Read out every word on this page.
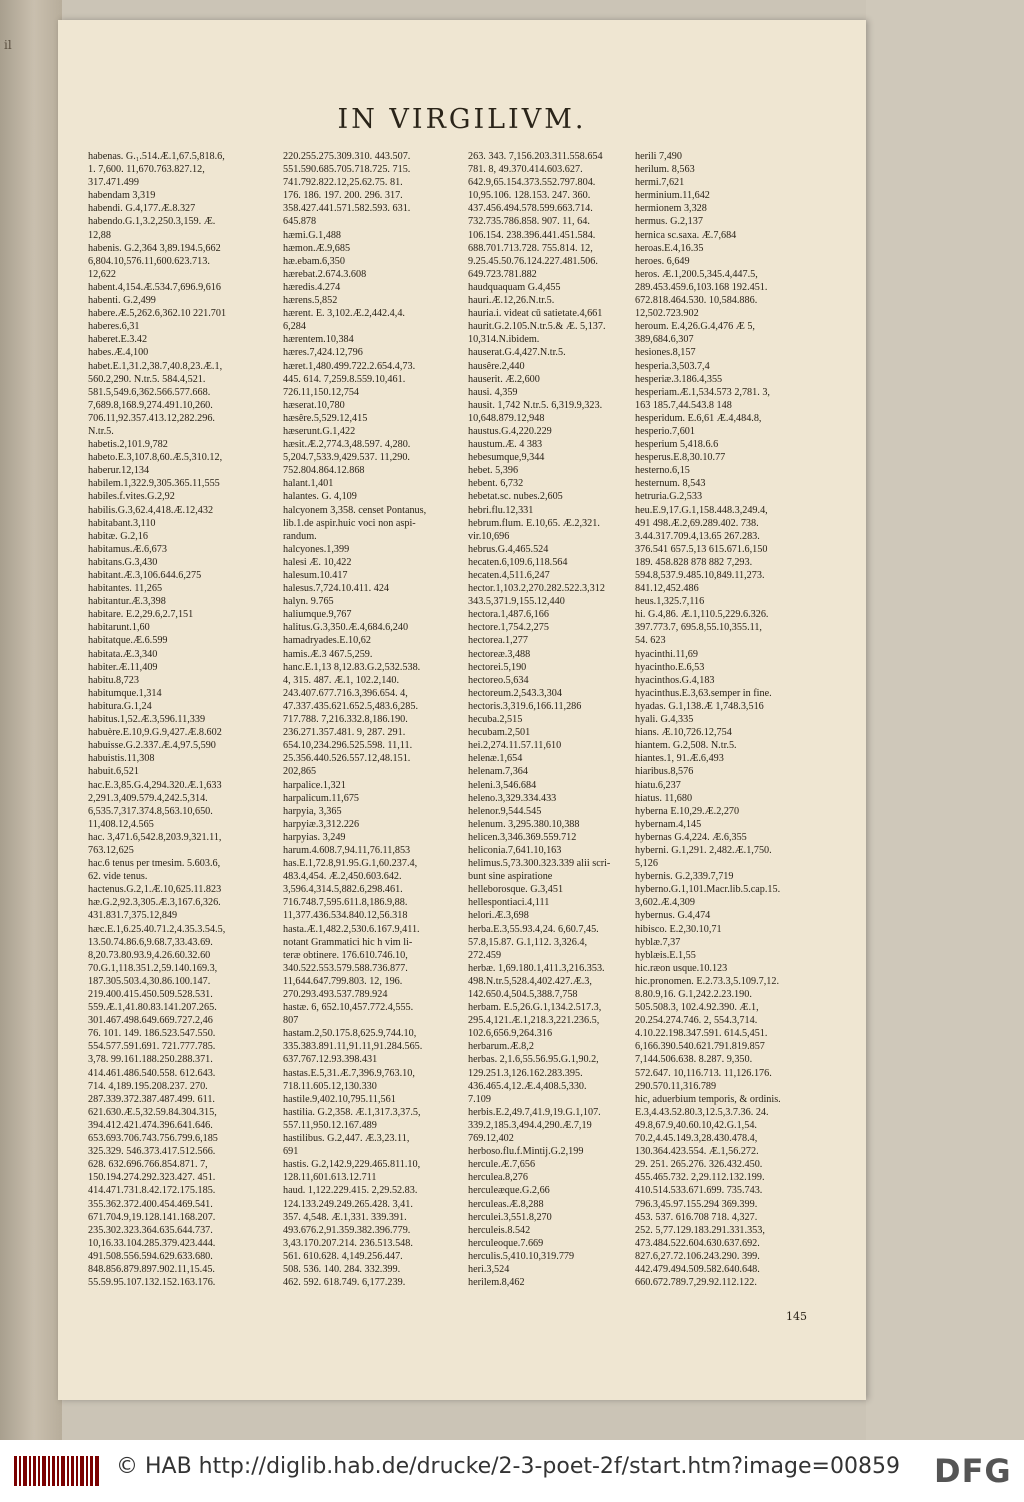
il
IN VIRGILIVM.
habenas. G.₁.514.Æ.1,67.5,818.6,
1. 7,600. 11,670.763.827.12,
317.471.499
habendam 3,319
habendi. G.4,177.Æ.8.327
habendo.G.1,3.2,250.3,159. Æ.
12,88
habenis. G.2,364 3,89.194.5,662
6,804.10,576.11,600.623.713.
12,622
habent.4,154.Æ.534.7,696.9,616
habenti. G.2,499
habere.Æ.5,262.6,362.10 221.701
haberes.6,31
haberet.E.3.42
habes.Æ.4,100
habet.E.1,31.2,38.7,40.8,23.Æ.1,
560.2,290. N.tr.5. 584.4,521.
581.5,549.6,362.566.577.668.
7,689.8,168.9,274.491.10,260.
706.11,92.357.413.12,282.296.
N.tr.5.
habetis.2,101.9,782
habeto.E.3,107.8,60.Æ.5,310.12,
haberur.12,134
habilem.1,322.9,305.365.11,555
habiles.f.vites.G.2,92
habilis.G.3,62.4,418.Æ.12,432
habitabant.3,110
habitæ. G.2,16
habitamus.Æ.6,673
habitans.G.3,430
habitant.Æ.3,106.644.6,275
habitantes. 11,265
habitantur.Æ.3,398
habitare. E.2,29.6,2.7,151
habitarunt.1,60
habitatque.Æ.6.599
habitata.Æ.3,340
habiter.Æ.11,409
habitu.8,723
habitumque.1,314
habitura.G.1,24
habitus.1,52.Æ.3,596.11,339
habuère.E.10,9.G.9,427.Æ.8.602
habuisse.G.2.337.Æ.4,97.5,590
habuistis.11,308
habuit.6,521
hac.E.3,85.G.4,294.320.Æ.1,633
2,291.3,409.579.4,242.5,314.
6,535.7,317.374.8,563.10,650.
11,408.12,4.565
hac. 3,471.6,542.8,203.9,321.11,
763.12,625
hac.6 tenus per tmesim. 5.603.6,
62. vide tenus.
hactenus.G.2,1.Æ.10,625.11.823
hæ.G.2,92.3,305.Æ.3,167.6,326.
431.831.7,375.12,849
hæc.E.1,6.25.40.71.2,4.35.3.54.5,
13.50.74.86.6,9.68.7,33.43.69.
8,20.73.80.93.9,4.26.60.32.60
70.G.1,118.351.2,59.140.169.3,
187.305.503.4,30.86.100.147.
219.400.415.450.509.528.531.
559.Æ.1,41.80.83.141.207.265.
301.467.498.649.669.727.2,46
76. 101. 149. 186.523.547.550.
554.577.591.691. 721.777.785.
3,78. 99.161.188.250.288.371.
414.461.486.540.558. 612.643.
714. 4,189.195.208.237. 270.
287.339.372.387.487.499. 611.
621.630.Æ.5,32.59.84.304.315,
394.412.421.474.396.641.646.
653.693.706.743.756.799.6,185
325.329. 546.373.417.512.566.
628. 632.696.766.854.871. 7,
150.194.274.292.323.427. 451.
414.471.731.8.42.172.175.185.
355.362.372.400.454.469.541.
671.704.9,19.128.141.168.207.
235.302.323.364.635.644.737.
10,16.33.104.285.379.423.444.
491.508.556.594.629.633.680.
848.856.879.897.902.11,15.45.
55.59.95.107.132.152.163.176.
220.255.275.309.310. 443.507.
551.590.685.705.718.725. 715.
741.792.822.12,25.62.75. 81.
176. 186. 197. 200. 296. 317.
358.427.441.571.582.593. 631.
645.878
hæmi.G.1,488
hæmon.Æ.9,685
hæ.ebam.6,350
hærebat.2.674.3.608
hæredis.4.274
hærens.5,852
hærent. E. 3,102.Æ.2,442.4,4.
6,284
hærentem.10,384
hæres.7,424.12,796
hæret.1,480.499.722.2.654.4,73.
445. 614. 7,259.8.559.10,461.
726.11,150.12,754
hæserat.10,780
hæsêre.5,529.12,415
hæserunt.G.1,422
hæsit.Æ.2,774.3,48.597. 4,280.
5,204.7,533.9,429.537. 11,290.
752.804.864.12.868
halant.1,401
halantes. G. 4,109
halcyonem 3,358. censet Pontanus,
lib.1.de aspir.huic voci non aspi-
randum.
halcyones.1,399
halesi Æ. 10,422
halesum.10.417
halesus.7,724.10.411. 424
halyn. 9.765
haliumque.9,767
halitus.G.3,350.Æ.4,684.6,240
hamadryades.E.10,62
hamis.Æ.3 467.5,259.
hanc.E.1,13 8,12.83.G.2,532.538.
4, 315. 487. Æ.1, 102.2,140.
243.407.677.716.3,396.654. 4,
47.337.435.621.652.5,483.6,285.
717.788. 7,216.332.8,186.190.
236.271.357.481. 9, 287. 291.
654.10,234.296.525.598. 11,11.
25.356.440.526.557.12,48.151.
202,865
harpalice.1,321
harpalicum.11,675
harpyia, 3,365
harpyiæ.3,312.226
harpyias. 3,249
harum.4.608.7,94.11,76.11,853
has.E.1,72.8,91.95.G.1,60.237.4,
483.4,454. Æ.2,450.603.642.
3,596.4,314.5,882.6,298.461.
716.748.7,595.611.8,186.9,88.
11,377.436.534.840.12,56.318
hasta.Æ.1,482.2,530.6.167.9,411.
notant Grammatici hic h vim li-
teræ obtinere. 176.610.746.10,
340.522.553.579.588.736.877.
11,644.647.799.803. 12, 196.
270.293.493.537.789.924
hastæ. 6, 652.10,457.772.4,555.
807
hastam.2,50.175.8,625.9,744.10,
335.383.891.11,91.11,91.284.565.
637.767.12.93.398.431
hastas.E.5,31.Æ.7,396.9,763.10,
718.11.605.12,130.330
hastile.9,402.10,795.11,561
hastilia. G.2,358. Æ.1,317.3,37.5,
557.11,950.12.167.489
hastilibus. G.2,447. Æ.3,23.11,
691
hastis. G.2,142.9,229.465.811.10,
128.11,601.613.12.711
haud. 1,122.229.415. 2,29.52.83.
124.133.249.249.265.428. 3,41.
357. 4,548. Æ.1,331. 339.391.
493.676.2,91.359.382.396.779.
3,43.170.207.214. 236.513.548.
561. 610.628. 4,149.256.447.
508. 536. 140. 284. 332.399.
462. 592. 618.749. 6,177.239.
263. 343. 7,156.203.311.558.654
781. 8, 49.370.414.603.627.
642.9,65.154.373.552.797.804.
10,95.106. 128.153. 247. 360.
437.456.494.578.599.663.714.
732.735.786.858. 907. 11, 64.
106.154. 238.396.441.451.584.
688.701.713.728. 755.814. 12,
9.25.45.50.76.124.227.481.506.
649.723.781.882
haudquaquam G.4,455
hauri.Æ.12,26.N.tr.5.
hauria.i. videat cū satietate.4,661
haurit.G.2.105.N.tr.5.& Æ. 5,137.
10,314.N.ibidem.
hauserat.G.4,427.N.tr.5.
hausêre.2,440
hauserit. Æ.2,600
hausi. 4,359
hausit. 1,742 N.tr.5. 6,319.9,323.
10,648.879.12,948
haustus.G.4,220.229
haustum.Æ. 4 383
hebesumque,9,344
hebet. 5,396
hebent. 6,732
hebetat.sc. nubes.2,605
hebri.flu.12,331
hebrum.flum. E.10,65. Æ.2,321.
vir.10,696
hebrus.G.4,465.524
hecaten.6,109.6,118.564
hecaten.4,511.6,247
hector.1,103.2,270.282.522.3,312
343.5,371.9,155.12,440
hectora.1,487.6,166
hectore.1,754.2,275
hectorea.1,277
hectoreæ.3,488
hectorei.5,190
hectoreo.5,634
hectoreum.2,543.3,304
hectoris.3,319.6,166.11,286
hecuba.2,515
hecubam.2,501
hei.2,274.11.57.11,610
helenæ.1,654
helenam.7,364
heleni.3,546.684
heleno.3,329.334.433
helenor.9,544.545
helenum. 3,295.380.10,388
helicen.3,346.369.559.712
heliconia.7,641.10,163
helimus.5,73.300.323.339 alii scri-
bunt sine aspiratione
helleborosque. G.3,451
hellespontiaci.4,111
helori.Æ.3,698
herba.E.3,55.93.4,24. 6,60.7,45.
57.8,15.87. G.1,112. 3,326.4,
272.459
herbæ. 1,69.180.1,411.3,216.353.
498.N.tr.5,528.4,402.427.Æ.3,
142.650.4,504.5,388.7,758
herbam. E.5,26.G.1,134.2.517.3,
295.4,121.Æ.1,218.3,221.236.5,
102.6,656.9,264.316
herbarum.Æ.8,2
herbas. 2,1.6,55.56.95.G.1,90.2,
129.251.3,126.162.283.395.
436.465.4,12.Æ.4,408.5,330.
7.109
herbis.E.2,49.7,41.9,19.G.1,107.
339.2,185.3,494.4,290.Æ.7,19
769.12,402
herboso.flu.f.Mintij.G.2,199
hercule.Æ.7,656
herculea.8,276
herculeæque.G.2,66
herculeas.Æ.8,288
herculei.3,551.8,270
herculeis.8.542
herculeoque.7.669
herculis.5,410.10,319.779
heri.3,524
herilem.8,462
herili 7,490
herilum. 8,563
hermi.7,621
herminium.11,642
hermionem 3,328
hermus. G.2,137
hernica sc.saxa. Æ.7,684
heroas.E.4,16.35
heroes. 6,649
heros. Æ.1,200.5,345.4,447.5,
289.453.459.6,103.168 192.451.
672.818.464.530. 10,584.886.
12,502.723.902
heroum. E.4,26.G.4,476 Æ 5,
389,684.6,307
hesiones.8,157
hesperia.3,503.7,4
hesperiæ.3.186.4,355
hesperiam.Æ.1,534.573 2,781. 3,
163 185.7,44.543.8 148
hesperidum. E.6,61 Æ.4,484.8,
hesperio.7,601
hesperium 5,418.6.6
hesperus.E.8,30.10.77
hesterno.6,15
hesternum. 8,543
hetruria.G.2,533
heu.E.9,17.G.1,158.448.3,249.4,
491 498.Æ.2,69.289.402. 738.
3.44.317.709.4,13.65 267.283.
376.541 657.5,13 615.671.6,150
189. 458.828 878 882 7,293.
594.8,537.9.485.10,849.11,273.
841.12,452.486
heus.1,325.7,116
hi. G.4,86. Æ.1,110.5,229.6.326.
397.773.7, 695.8,55.10,355.11,
54. 623
hyacinthi.11,69
hyacintho.E.6,53
hyacinthos.G.4,183
hyacinthus.E.3,63.semper in fine.
hyadas. G.1,138.Æ 1,748.3,516
hyali. G.4,335
hians. Æ.10,726.12,754
hiantem. G.2,508. N.tr.5.
hiantes.1, 91.Æ.6,493
hiaribus.8,576
hiatu.6,237
hiatus. 11,680
hyberna E.10,29.Æ.2,270
hybernam.4,145
hybernas G.4,224. Æ.6,355
hyberni. G.1,291. 2,482.Æ.1,750.
5,126
hybernis. G.2,339.7,719
hyberno.G.1,101.Macr.lib.5.cap.15.
3,602.Æ.4,309
hybernus. G.4,474
hibisco. E.2,30.10,71
hyblæ.7,37
hyblæis.E.1,55
hic.ræon usque.10.123
hic.pronomen. E.2.73.3,5.109.7,12.
8.80.9,16. G.1,242.2.23.190.
505.508.3, 102.4.92.390. Æ.1,
20.254.274.746. 2, 554.3,714.
4.10.22.198.347.591. 614.5,451.
6,166.390.540.621.791.819.857
7,144.506.638. 8.287. 9,350.
572.647. 10,116.713. 11,126.176.
290.570.11,316.789
hic, aduerbium temporis, & ordinis.
E.3,4.43.52.80.3,12.5,3.7.36. 24.
49.8,67.9,40.60.10,42.G.1,54.
70.2,4.45.149.3,28.430.478.4,
130.364.423.554. Æ.1,56.272.
29. 251. 265.276. 326.432.450.
455.465.732. 2,29.112.132.199.
410.514.533.671.699. 735.743.
796.3,45.97.155.294 369.399.
453. 537. 616.708 718. 4,327.
252. 5,77.129.183.291.331.353,
473.484.522.604.630.637.692.
827.6,27.72.106.243.290. 399.
442.479.494.509.582.640.648.
660.672.789.7,29.92.112.122.
145
© HAB http://diglib.hab.de/drucke/2-3-poet-2f/start.htm?image=00859 DFG
